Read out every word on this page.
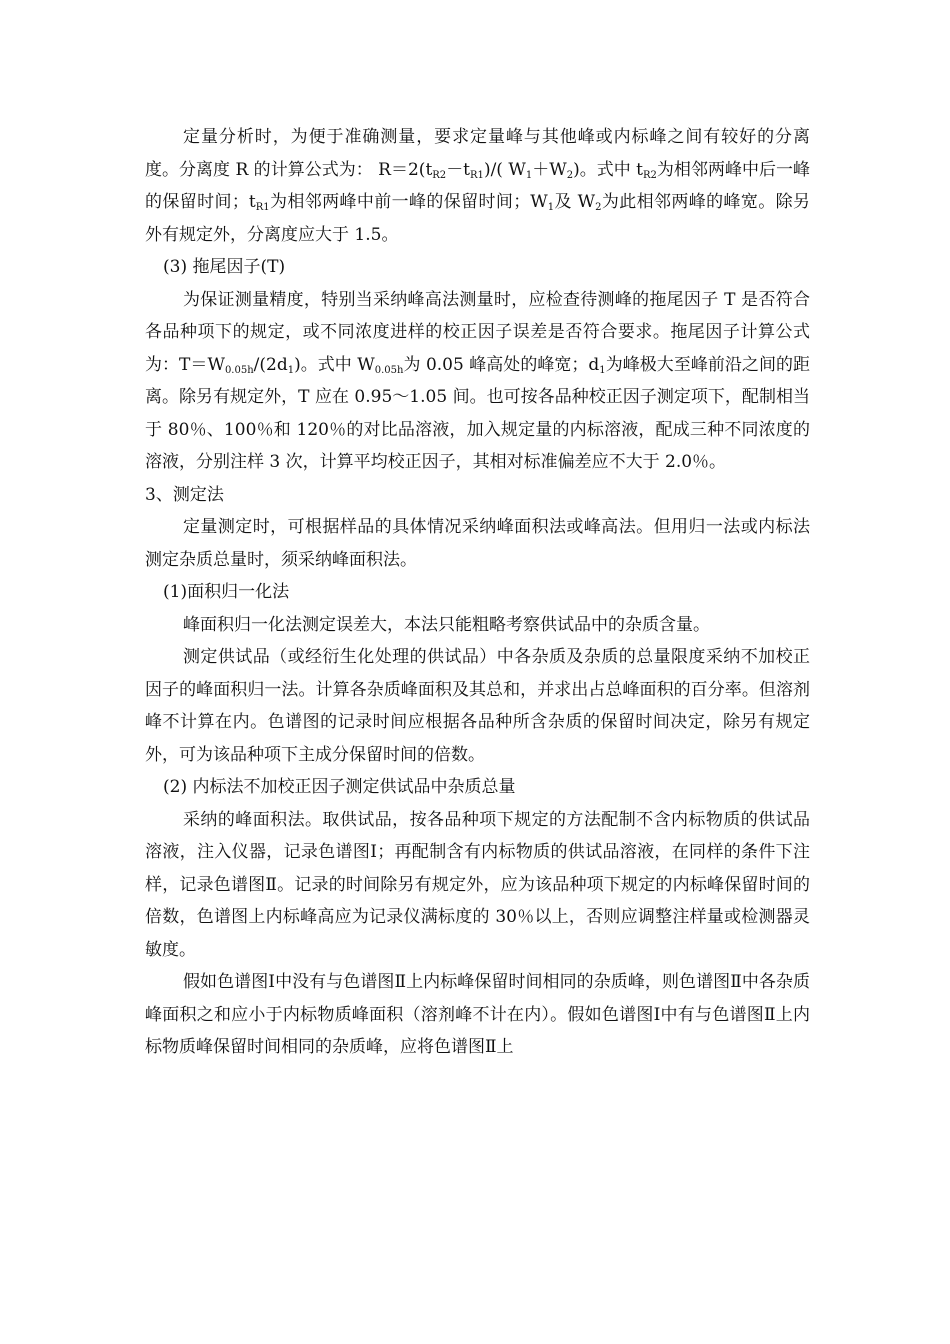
定量分析时，为便于准确测量，要求定量峰与其他峰或内标峰之间有较好的分离度。分离度 R 的计算公式为： $R=2(t_{R2}-t_{R1})/$( $W_1+W_2$)。式中 $t_{R2}$为相邻两峰中后一峰的保留时间；$t_{R1}$为相邻两峰中前一峰的保留时间；$W_1$及 $W_2$为此相邻两峰的峰宽。除另外有规定外，分离度应大于 1.5。

(3) 拖尾因子(T)

为保证测量精度，特别当采纳峰高法测量时，应检查待测峰的拖尾因子 T 是否符合各品种项下的规定，或不同浓度进样的校正因子误差是否符合要求。拖尾因子计算公式为：$T=W_{0.05h}/(2d_1)$。式中 $W_{0.05h}$为 0.05 峰高处的峰宽；$d_1$为峰极大至峰前沿之间的距离。除另有规定外，T 应在 0.95～1.05 间。也可按各品种校正因子测定项下，配制相当于 80％、100％和 120％的对比品溶液，加入规定量的内标溶液，配成三种不同浓度的溶液，分别注样 3 次，计算平均校正因子，其相对标准偏差应不大于 2.0％。

3、测定法

定量测定时，可根据样品的具体情况采纳峰面积法或峰高法。但用归一法或内标法测定杂质总量时，须采纳峰面积法。

(1)面积归一化法

峰面积归一化法测定误差大，本法只能粗略考察供试品中的杂质含量。

测定供试品（或经衍生化处理的供试品）中各杂质及杂质的总量限度采纳不加校正因子的峰面积归一法。计算各杂质峰面积及其总和，并求出占总峰面积的百分率。但溶剂峰不计算在内。色谱图的记录时间应根据各品种所含杂质的保留时间决定，除另有规定外，可为该品种项下主成分保留时间的倍数。

(2) 内标法不加校正因子测定供试品中杂质总量

采纳的峰面积法。取供试品，按各品种项下规定的方法配制不含内标物质的供试品溶液，注入仪器，记录色谱图Ⅰ；再配制含有内标物质的供试品溶液，在同样的条件下注样，记录色谱图Ⅱ。记录的时间除另有规定外，应为该品种项下规定的内标峰保留时间的倍数，色谱图上内标峰高应为记录仪满标度的 30％以上，否则应调整注样量或检测器灵敏度。

假如色谱图Ⅰ中没有与色谱图Ⅱ上内标峰保留时间相同的杂质峰，则色谱图Ⅱ中各杂质峰面积之和应小于内标物质峰面积（溶剂峰不计在内）。假如色谱图Ⅰ中有与色谱图Ⅱ上内标物质峰保留时间相同的杂质峰，应将色谱图Ⅱ上
